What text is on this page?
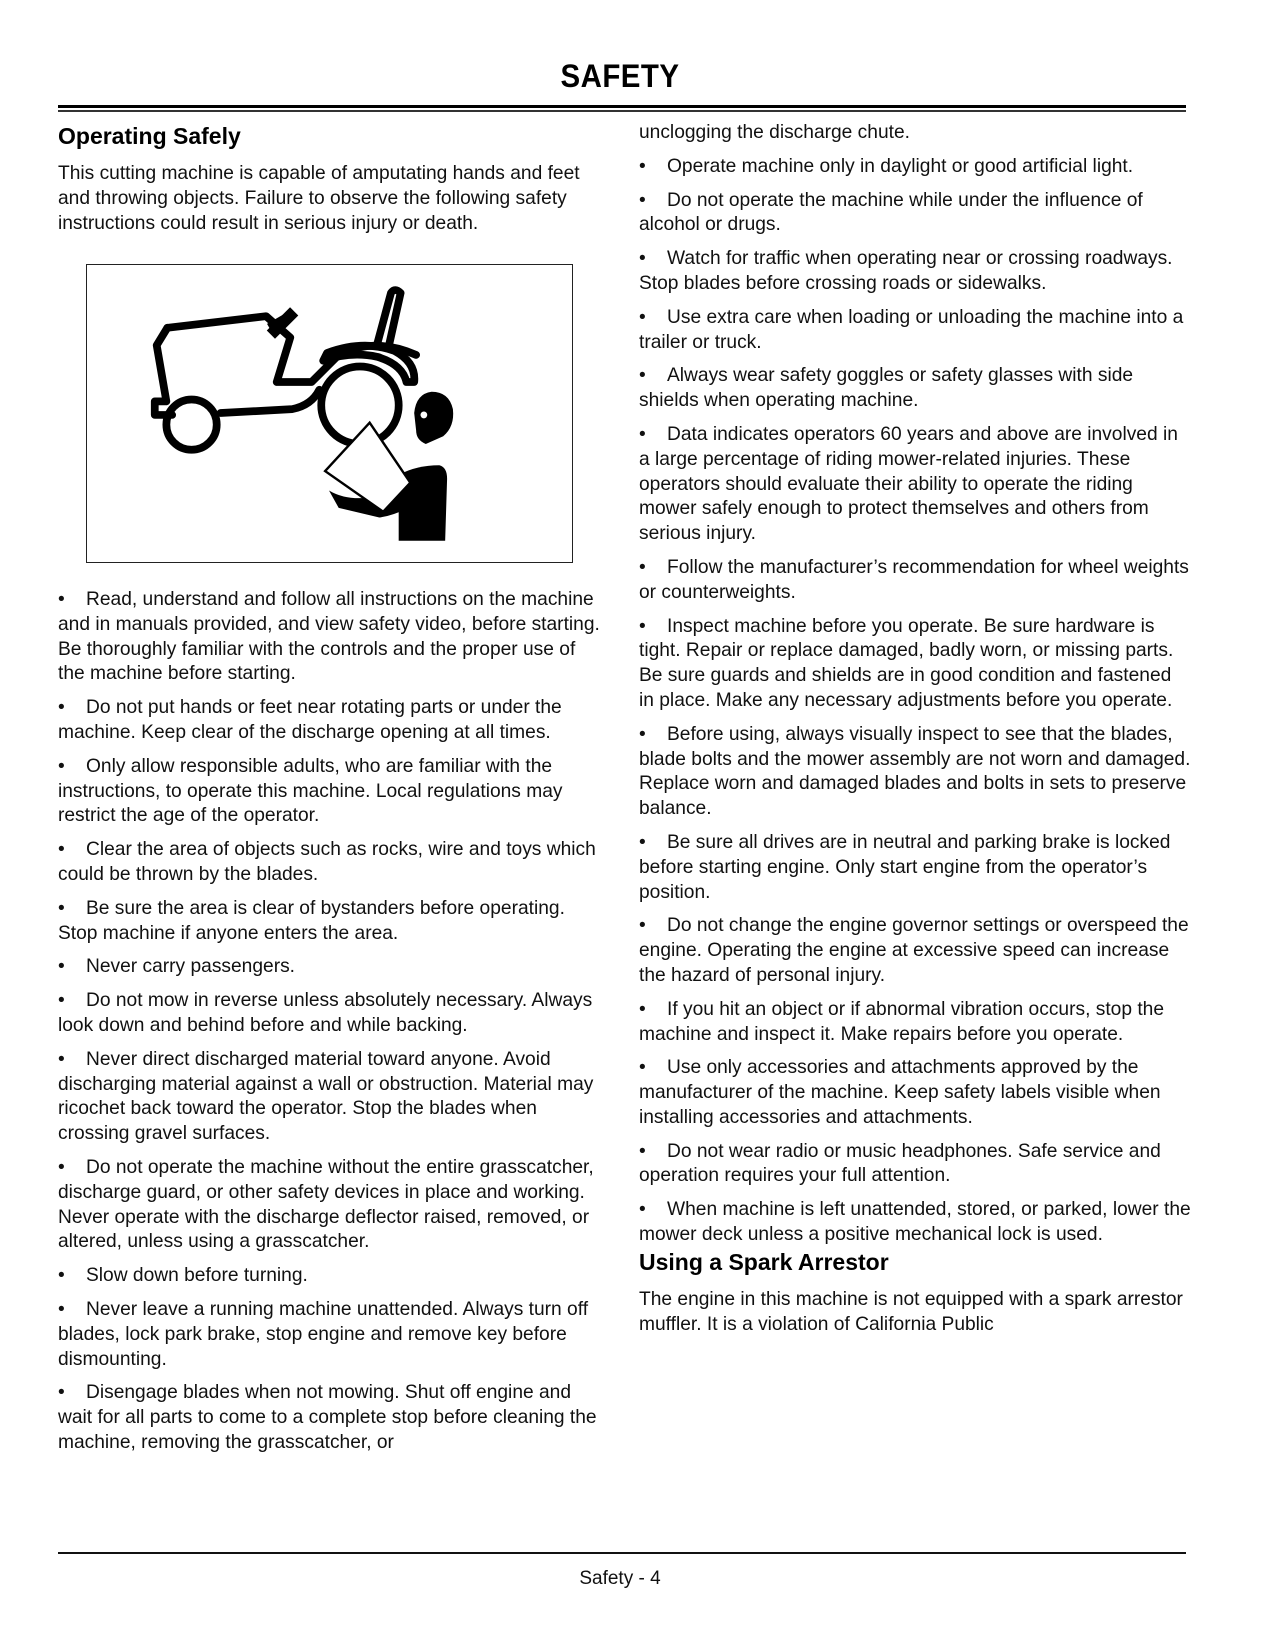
SAFETY
Operating Safely

This cutting machine is capable of amputating hands and feet and throwing objects. Failure to observe the following safety instructions could result in serious injury or death.

• Read, understand and follow all instructions on the machine and in manuals provided, and view safety video, before starting. Be thoroughly familiar with the controls and the proper use of the machine before starting.

• Do not put hands or feet near rotating parts or under the machine. Keep clear of the discharge opening at all times.

• Only allow responsible adults, who are familiar with the instructions, to operate this machine. Local regulations may restrict the age of the operator.

• Clear the area of objects such as rocks, wire and toys which could be thrown by the blades.

• Be sure the area is clear of bystanders before operating. Stop machine if anyone enters the area.

• Never carry passengers.

• Do not mow in reverse unless absolutely necessary. Always look down and behind before and while backing.

• Never direct discharged material toward anyone. Avoid discharging material against a wall or obstruction. Material may ricochet back toward the operator. Stop the blades when crossing gravel surfaces.

• Do not operate the machine without the entire grasscatcher, discharge guard, or other safety devices in place and working. Never operate with the discharge deflector raised, removed, or altered, unless using a grasscatcher.

• Slow down before turning.

• Never leave a running machine unattended. Always turn off blades, lock park brake, stop engine and remove key before dismounting.

• Disengage blades when not mowing. Shut off engine and wait for all parts to come to a complete stop before cleaning the machine, removing the grasscatcher, or

unclogging the discharge chute.

• Operate machine only in daylight or good artificial light.

• Do not operate the machine while under the influence of alcohol or drugs.

• Watch for traffic when operating near or crossing roadways. Stop blades before crossing roads or sidewalks.

• Use extra care when loading or unloading the machine into a trailer or truck.

• Always wear safety goggles or safety glasses with side shields when operating machine.

• Data indicates operators 60 years and above are involved in a large percentage of riding mower-related injuries. These operators should evaluate their ability to operate the riding mower safely enough to protect themselves and others from serious injury.

• Follow the manufacturer’s recommendation for wheel weights or counterweights.

• Inspect machine before you operate. Be sure hardware is tight. Repair or replace damaged, badly worn, or missing parts. Be sure guards and shields are in good condition and fastened in place. Make any necessary adjustments before you operate.

• Before using, always visually inspect to see that the blades, blade bolts and the mower assembly are not worn and damaged. Replace worn and damaged blades and bolts in sets to preserve balance.

• Be sure all drives are in neutral and parking brake is locked before starting engine. Only start engine from the operator’s position.

• Do not change the engine governor settings or overspeed the engine. Operating the engine at excessive speed can increase the hazard of personal injury.

• If you hit an object or if abnormal vibration occurs, stop the machine and inspect it. Make repairs before you operate.

• Use only accessories and attachments approved by the manufacturer of the machine. Keep safety labels visible when installing accessories and attachments.

• Do not wear radio or music headphones. Safe service and operation requires your full attention.

• When machine is left unattended, stored, or parked, lower the mower deck unless a positive mechanical lock is used.

Using a Spark Arrestor

The engine in this machine is not equipped with a spark arrestor muffler. It is a violation of California Public

Safety - 4
